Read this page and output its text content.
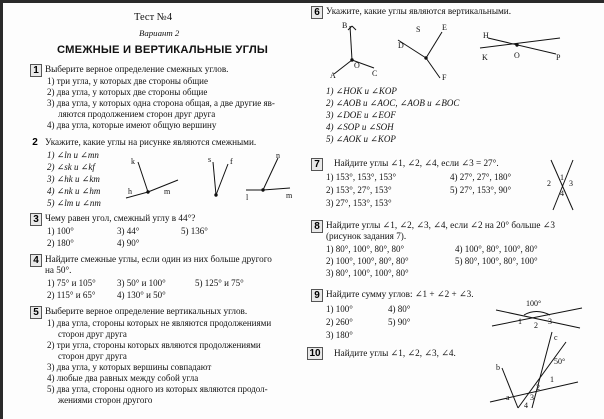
Тест №4
Вариант 2
СМЕЖНЫЕ И ВЕРТИКАЛЬНЫЕ УГЛЫ
1 Выберите верное определение смежных углов.
1) три угла, у которых две стороны общие
2) два угла, у которых две стороны общие
3) два угла, у которых одна сторона общая, а две другие яв-
ляются продолжением сторон друг друга
4) два угла, которые имеют общую вершину
2 Укажите, какие углы на рисунке являются смежными.
1) ∠ln и ∠mn
2) ∠sk и ∠kf
3) ∠hk и ∠km
4) ∠nk и ∠hm
5) ∠lm и ∠nm
k
h	m
s f
n
l	m
3 Чему равен угол, смежный углу в 44°?
1) 100°
2) 180°
3) 44°
4) 90°
5) 136°
4 Найдите смежные углы, если один из них больше другого
на 50°.
1) 75° и 105°
2) 115° и 65°
3) 50° и 100°
4) 130° и 50°
5) 125° и 75°
5 Выберите верное определение вертикальных углов.
1) два угла, стороны которых не являются продолжениями
сторон друг друга
2) три угла, стороны которых являются продолжениями
сторон друг друга
3) два угла, у которых вершины совпадают
4) любые два равных между собой угла
5) два угла, стороны одного из которых являются продол-
жениями сторон другого
6 Укажите, какие углы являются вертикальными.
B
A
O
C
D
S	E
F
H
K	O	P
1) ∠HOK и ∠KOP
2) ∠AOB и ∠AOC, ∠AOB и ∠BOC
3) ∠DOE и ∠EOF
4) ∠SOP и ∠SOH
5) ∠AOK и ∠KOP
7	Найдите углы ∠1, ∠2, ∠4, если ∠3 = 27°.
1) 153°, 153°, 153°
2) 153°, 27°, 153°
3) 27°, 153°, 153°
4) 27°, 27°, 180°
5) 27°, 153°, 90°
2
1
3
4
8 Найдите углы ∠1, ∠2, ∠3, ∠4, если ∠2 на 20° больше ∠3
(рисунок задания 7).
1) 80°, 100°, 80°, 80°
2) 100°, 100°, 80°, 80°
3) 80°, 100°, 100°, 80°
4) 100°, 80°, 100°, 80°
5) 80°, 100°, 80°, 100°
9 Найдите сумму углов: ∠1 + ∠2 + ∠3.
1) 100°
2) 260°
3) 180°
4) 80°
5) 90°
100°
1 2 3
10 Найдите углы ∠1, ∠2, ∠3, ∠4.
50°
1
2
3
4
a
b
c
